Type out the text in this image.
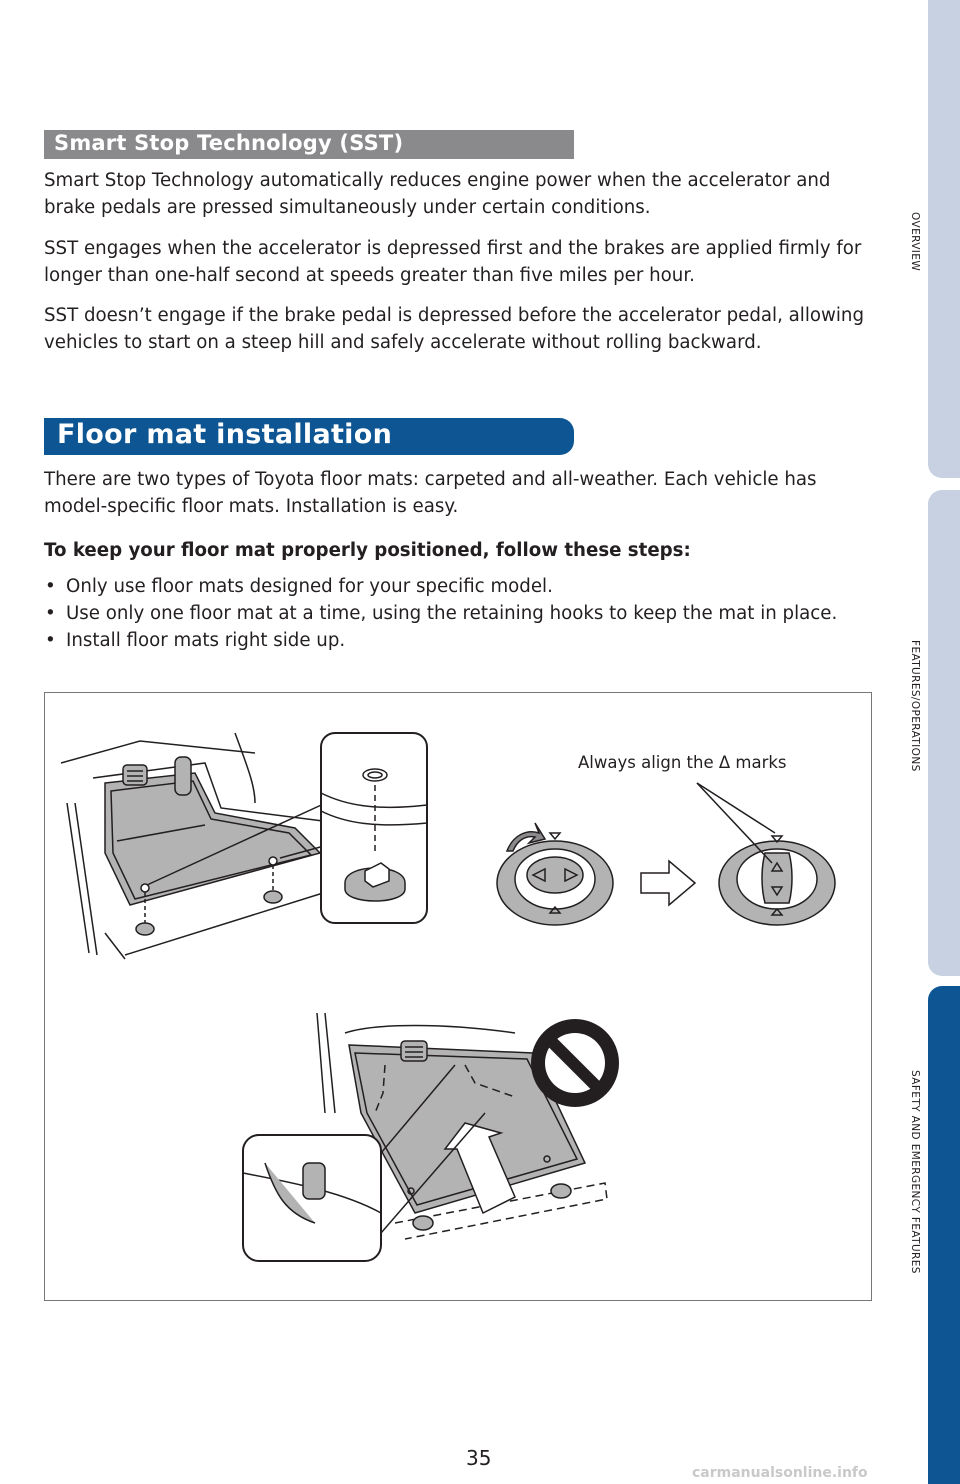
OVERVIEW
FEATURES/OPERATIONS
SAFETY AND EMERGENCY FEATURES
Smart Stop Technology (SST)

Smart Stop Technology automatically reduces engine power when the accelerator and brake pedals are pressed simultaneously under certain conditions.

SST engages when the accelerator is depressed first and the brakes are applied firmly for longer than one-half second at speeds greater than five miles per hour.

SST doesn’t engage if the brake pedal is depressed before the accelerator pedal, allowing vehicles to start on a steep hill and safely accelerate without rolling backward.

Floor mat installation

There are two types of Toyota floor mats: carpeted and all-weather. Each vehicle has model-specific floor mats. Installation is easy.

To keep your floor mat properly positioned, follow these steps:

• Only use floor mats designed for your specific model.
• Use only one floor mat at a time, using the retaining hooks to keep the mat in place.
• Install floor mats right side up.
Always align the Δ marks
35
carmanualsonline.info
